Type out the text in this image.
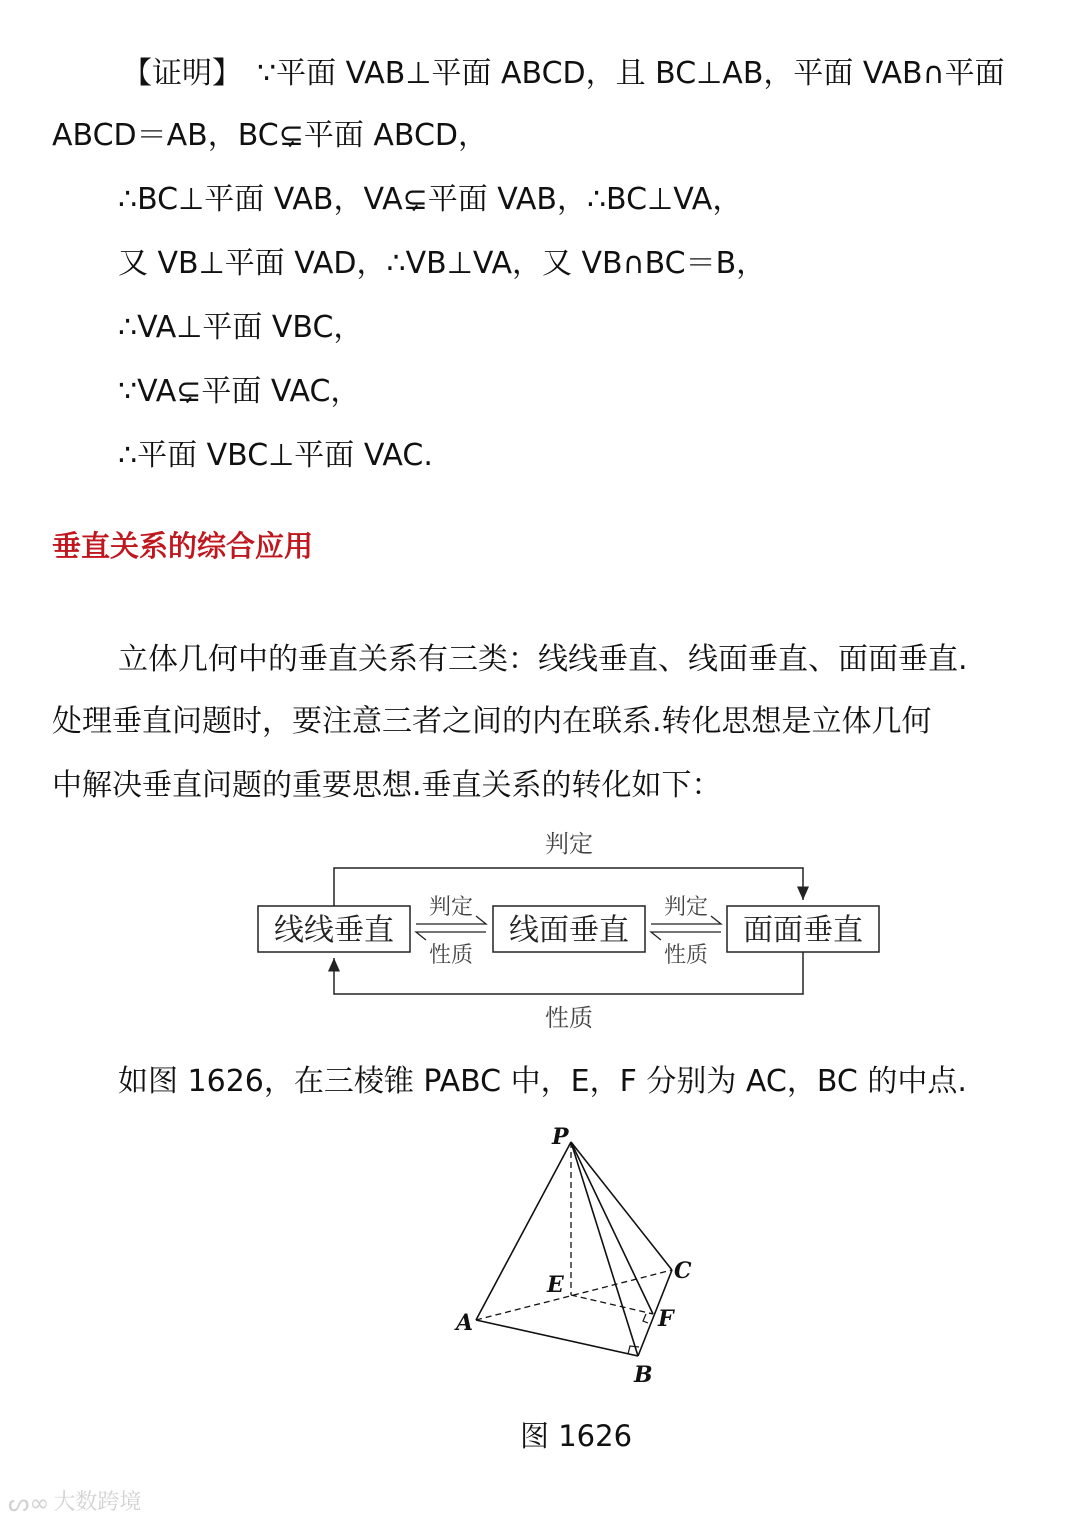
【证明】　∵平面 VAB⊥平面 ABCD，且 BC⊥AB，平面 VAB∩平面
ABCD＝AB，BC⊊平面 ABCD，
∴BC⊥平面 VAB，VA⊊平面 VAB，∴BC⊥VA，
又 VB⊥平面 VAD，∴VB⊥VA，又 VB∩BC＝B，
∴VA⊥平面 VBC，
∵VA⊊平面 VAC，
∴平面 VBC⊥平面 VAC.
垂直关系的综合应用
立体几何中的垂直关系有三类：线线垂直、线面垂直、面面垂直.
处理垂直问题时，要注意三者之间的内在联系.转化思想是立体几何
中解决垂直问题的重要思想.垂直关系的转化如下：
线线垂直	线面垂直	面面垂直
判定
性质
判定
性质
判定
性质
如图 1626，在三棱锥 PABC 中，E，F 分别为 AC，BC 的中点.
P
A
B
C
E
F
图 1626
ᔕ∞ 大数跨境
